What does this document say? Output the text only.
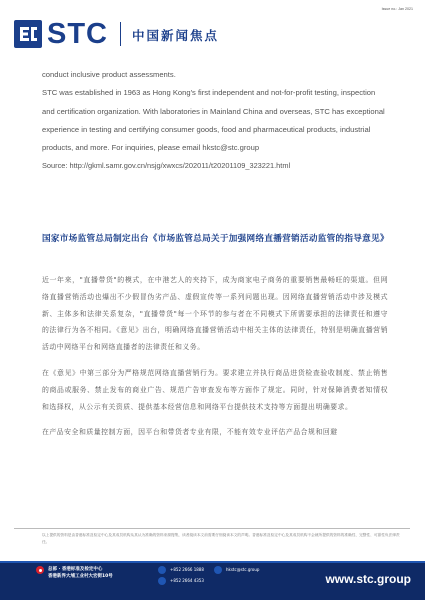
Issue no.: Jan 2021
STC 中国新闻焦点

conduct inclusive product assessments.

STC was established in 1963 as Hong Kong's first independent and not-for-profit testing, inspection and certification organization. With laboratories in Mainland China and overseas, STC has exceptional experience in testing and certifying consumer goods, food and pharmaceutical products, industrial products, and more. For inquiries, please email hkstc@stc.group

Source: http://gkml.samr.gov.cn/nsjg/xwxcs/202011/t20201109_323221.html

国家市场监管总局制定出台《市场监管总局关于加强网络直播营销活动监管的指导意见》

近一年来，"直播带货"的模式，在中港艺人的夹持下，成为商家电子商务的重要销售最畅旺的渠道。但网络直播营销活动也爆出不少假冒伪劣产品、虚假宣传等一系列问题出现。因网络直播营销活动中涉及模式新、主体多和法律关系复杂，"直播带货"每一个环节的参与者在不同模式下所需要承担的法律责任和遵守的法律行为各不相同。《意见》出台，明确网络直播营销活动中相关主体的法律责任，特别是明确直播营销活动中网络平台和网络直播者的法律责任和义务。

在《意见》中第三部分为严格规范网络直播营销行为。要求建立并执行商品进货检查验收制度、禁止销售的商品或服务、禁止发布的商业广告、规范广告审查发布等方面作了规定。同时，针对保障消费者知情权和选择权，从公示有关资质、提供基本经营信息和网络平台提供技术支持等方面提出明确要求。

在产品安全和质量控制方面，因平台和带货者专业有限，不能有效专业评估产品合规和回避

以上提供的资料是由香港标准及检定中心及其成员机构从其认为准确的资料来源搜集，读者阅读本文前需要仔细阅读本文的声明。香港标准及检定中心及其成员机构不会就所提供的资料的准确性、完整性、可靠性负法律责任。
总部 · 香港标准及检定中心
香港新界大埔工业村大宏街10号
+852 2666 1888
+852 2664 4353
hkstc@stc.group
www.stc.group
